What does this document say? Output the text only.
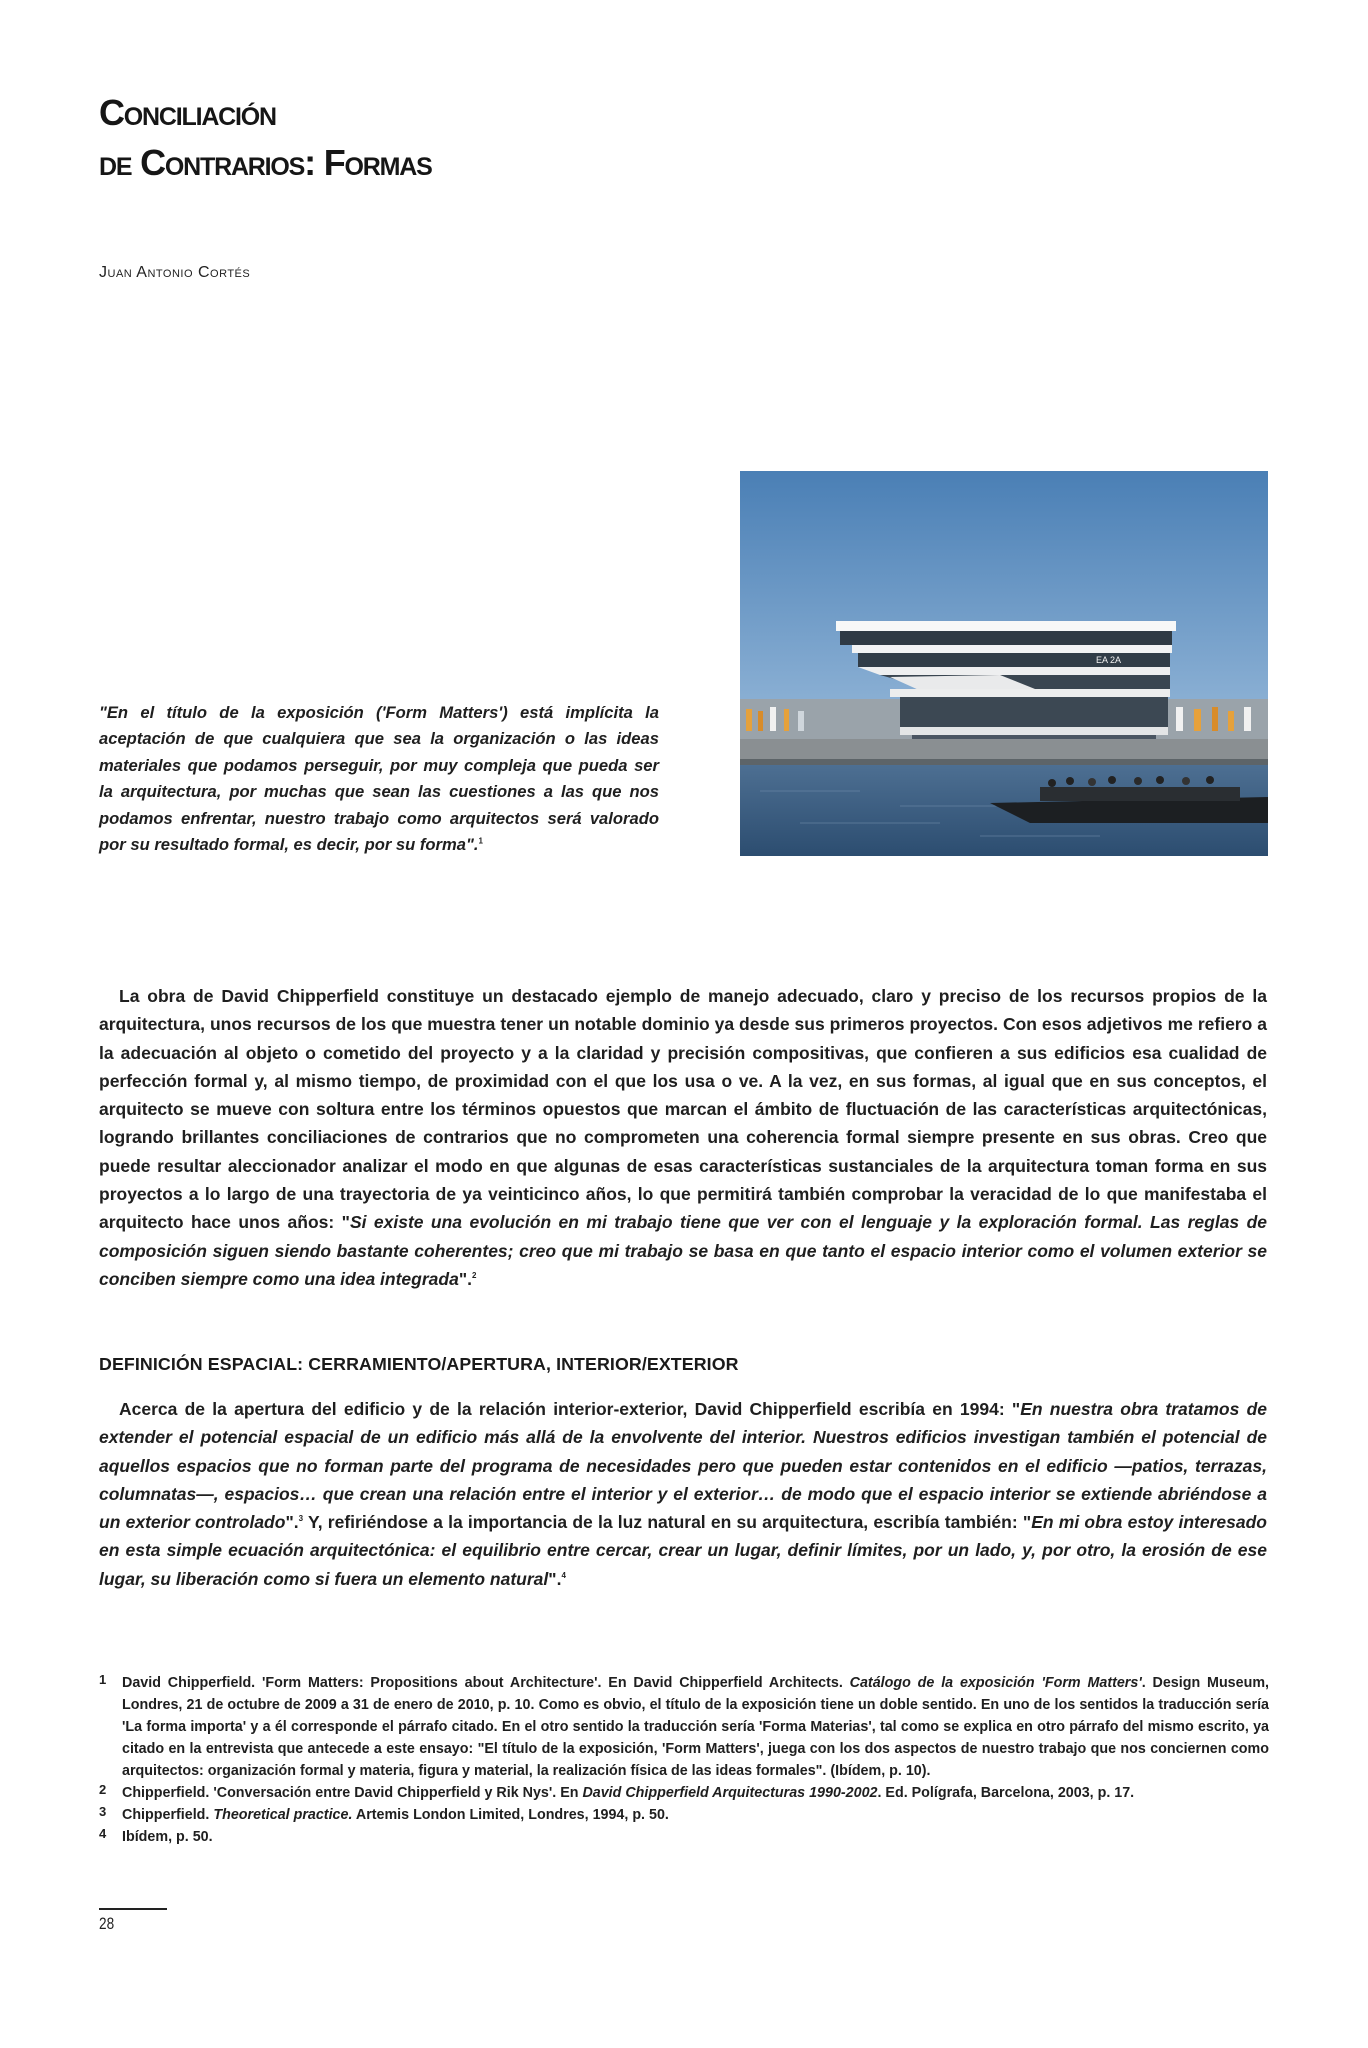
Conciliación
de Contrarios: Formas
Juan Antonio Cortés
EA 2A

"En el título de la exposición ('Form Matters') está implícita la aceptación de que cualquiera que sea la organización o las ideas materiales que podamos perseguir, por muy compleja que pueda ser la arquitectura, por muchas que sean las cuestiones a las que nos podamos enfrentar, nuestro trabajo como arquitectos será valorado por su resultado formal, es decir, por su forma".$^1$

La obra de David Chipperfield constituye un destacado ejemplo de manejo adecuado, claro y preciso de los recursos propios de la arquitectura, unos recursos de los que muestra tener un notable dominio ya desde sus primeros proyectos. Con esos adjetivos me refiero a la adecuación al objeto o cometido del proyecto y a la claridad y precisión compositivas, que confieren a sus edificios esa cualidad de perfección formal y, al mismo tiempo, de proximidad con el que los usa o ve. A la vez, en sus formas, al igual que en sus conceptos, el arquitecto se mueve con soltura entre los términos opuestos que marcan el ámbito de fluctuación de las características arquitectónicas, logrando brillantes conciliaciones de contrarios que no comprometen una coherencia formal siempre presente en sus obras. Creo que puede resultar aleccionador analizar el modo en que algunas de esas características sustanciales de la arquitectura toman forma en sus proyectos a lo largo de una trayectoria de ya veinticinco años, lo que permitirá también comprobar la veracidad de lo que manifestaba el arquitecto hace unos años: "Si existe una evolución en mi trabajo tiene que ver con el lenguaje y la exploración formal. Las reglas de composición siguen siendo bastante coherentes; creo que mi trabajo se basa en que tanto el espacio interior como el volumen exterior se conciben siempre como una idea integrada".$^2$

DEFINICIÓN ESPACIAL: CERRAMIENTO/APERTURA, INTERIOR/EXTERIOR

Acerca de la apertura del edificio y de la relación interior-exterior, David Chipperfield escribía en 1994: "En nuestra obra tratamos de extender el potencial espacial de un edificio más allá de la envolvente del interior. Nuestros edificios investigan también el potencial de aquellos espacios que no forman parte del programa de necesidades pero que pueden estar contenidos en el edificio —patios, terrazas, columnatas—, espacios… que crean una relación entre el interior y el exterior… de modo que el espacio interior se extiende abriéndose a un exterior controlado".$^3$ Y, refiriéndose a la importancia de la luz natural en su arquitectura, escribía también: "En mi obra estoy interesado en esta simple ecuación arquitectónica: el equilibrio entre cercar, crear un lugar, definir límites, por un lado, y, por otro, la erosión de ese lugar, su liberación como si fuera un elemento natural".$^4$

1 David Chipperfield. 'Form Matters: Propositions about Architecture'. En David Chipperfield Architects. Catálogo de la exposición 'Form Matters'. Design Museum, Londres, 21 de octubre de 2009 a 31 de enero de 2010, p. 10. Como es obvio, el título de la exposición tiene un doble sentido. En uno de los sentidos la traducción sería 'La forma importa' y a él corresponde el párrafo citado. En el otro sentido la traducción sería 'Forma Materias', tal como se explica en otro párrafo del mismo escrito, ya citado en la entrevista que antecede a este ensayo: "El título de la exposición, 'Form Matters', juega con los dos aspectos de nuestro trabajo que nos conciernen como arquitectos: organización formal y materia, figura y material, la realización física de las ideas formales". (Ibídem, p. 10).
2 Chipperfield. 'Conversación entre David Chipperfield y Rik Nys'. En David Chipperfield Arquitecturas 1990-2002. Ed. Polígrafa, Barcelona, 2003, p. 17.
3 Chipperfield. Theoretical practice. Artemis London Limited, Londres, 1994, p. 50.
4 Ibídem, p. 50.
28
